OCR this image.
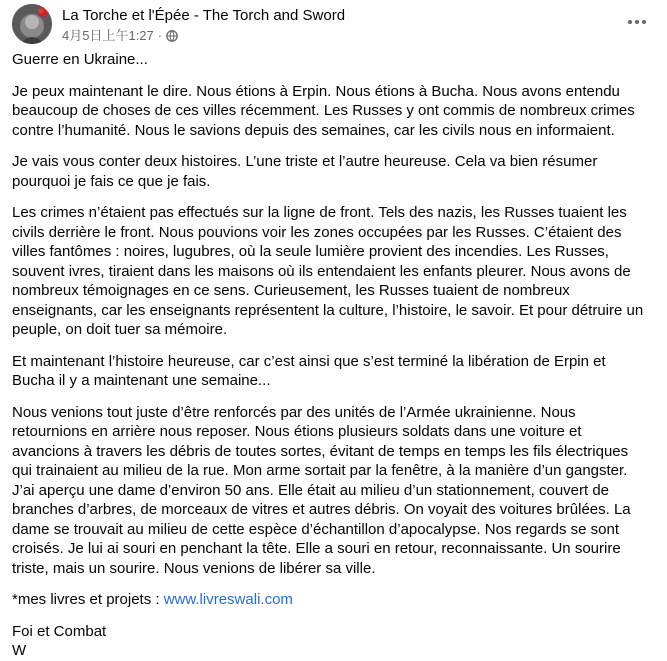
La Torche et l'Épée - The Torch and Sword
4月5日上午1:27 ·

Guerre en Ukraine...

Je peux maintenant le dire. Nous étions à Erpin. Nous étions à Bucha. Nous avons entendu beaucoup de choses de ces villes récemment. Les Russes y ont commis de nombreux crimes contre l’humanité. Nous le savions depuis des semaines, car les civils nous en informaient.

Je vais vous conter deux histoires. L’une triste et l’autre heureuse. Cela va bien résumer pourquoi je fais ce que je fais.

Les crimes n’étaient pas effectués sur la ligne de front. Tels des nazis, les Russes tuaient les civils derrière le front. Nous pouvions voir les zones occupées par les Russes. C’étaient des villes fantômes : noires, lugubres, où la seule lumière provient des incendies. Les Russes, souvent ivres, tiraient dans les maisons où ils entendaient les enfants pleurer. Nous avons de nombreux témoignages en ce sens. Curieusement, les Russes tuaient de nombreux enseignants, car les enseignants représentent la culture, l’histoire, le savoir. Et pour détruire un peuple, on doit tuer sa mémoire.

Et maintenant l’histoire heureuse, car c’est ainsi que s’est terminé la libération de Erpin et Bucha il y a maintenant une semaine...

Nous venions tout juste d’être renforcés par des unités de l’Armée ukrainienne. Nous retournions en arrière nous reposer. Nous étions plusieurs soldats dans une voiture et avancions à travers les débris de toutes sortes, évitant de temps en temps les fils électriques qui trainaient au milieu de la rue. Mon arme sortait par la fenêtre, à la manière d’un gangster. J’ai aperçu une dame d’environ 50 ans. Elle était au milieu d’un stationnement, couvert de branches d’arbres, de morceaux de vitres et autres débris. On voyait des voitures brûlées. La dame se trouvait au milieu de cette espèce d’échantillon d’apocalypse. Nos regards se sont croisés. Je lui ai souri en penchant la tête. Elle a souri en retour, reconnaissante. Un sourire triste, mais un sourire. Nous venions de libérer sa ville.

*mes livres et projets : www.livreswali.com

Foi et Combat
W
